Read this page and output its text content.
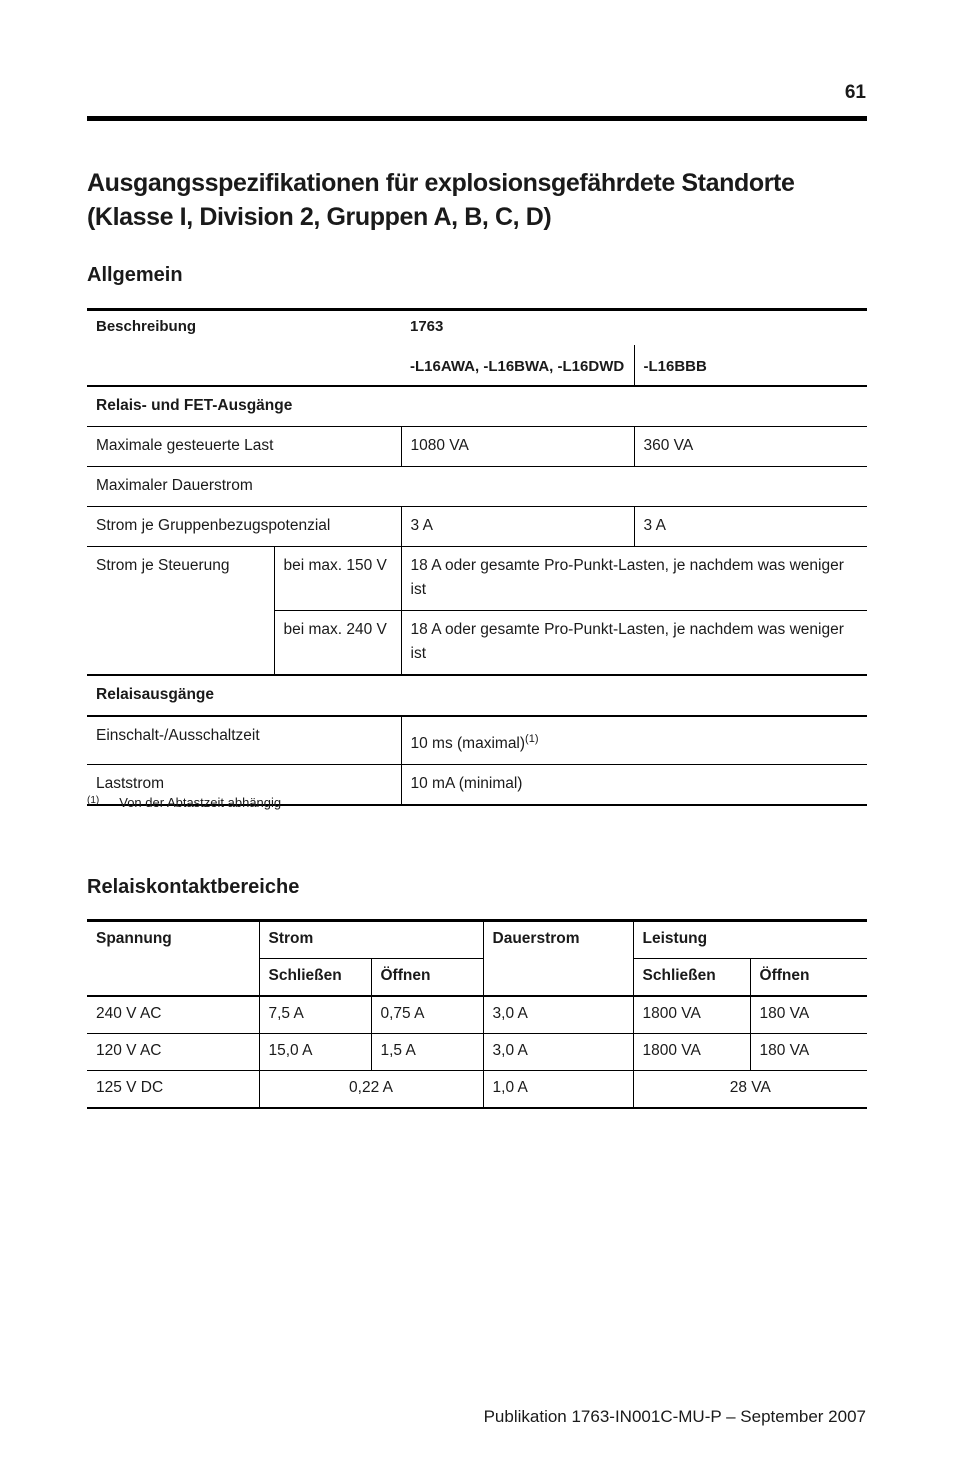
61
Ausgangsspezifikationen für explosionsgefährdete Standorte
(Klasse I, Division 2, Gruppen A, B, C, D)
Allgemein
Beschreibung		1763	
		-L16AWA, -L16BWA, -L16DWD	-L16BBB
Relais- und FET-Ausgänge			
Maximale gesteuerte Last		1080 VA	360 VA
Maximaler Dauerstrom			
Strom je Gruppenbezugspotenzial		3 A	3 A
Strom je Steuerung	bei max. 150 V	18 A oder gesamte Pro-Punkt-Lasten, je nachdem was weniger ist	
	bei max. 240 V	18 A oder gesamte Pro-Punkt-Lasten, je nachdem was weniger ist	
Relaisausgänge			
Einschalt-/Ausschaltzeit		10 ms (maximal)$^{(1)}$
Laststrom		10 mA (minimal)	
$^{(1)}$ Von der Abtastzeit abhängig
Relaiskontaktbereiche
Spannung	Strom		Dauerstrom	Leistung	
	Schließen	Öffnen		Schließen	Öffnen
240 V AC	7,5 A	0,75 A	3,0 A	1800 VA	180 VA
120 V AC	15,0 A	1,5 A	3,0 A	1800 VA	180 VA
125 V DC	0,22 A		1,0 A	28 VA	
Publikation 1763-IN001C-MU-P – September 2007
